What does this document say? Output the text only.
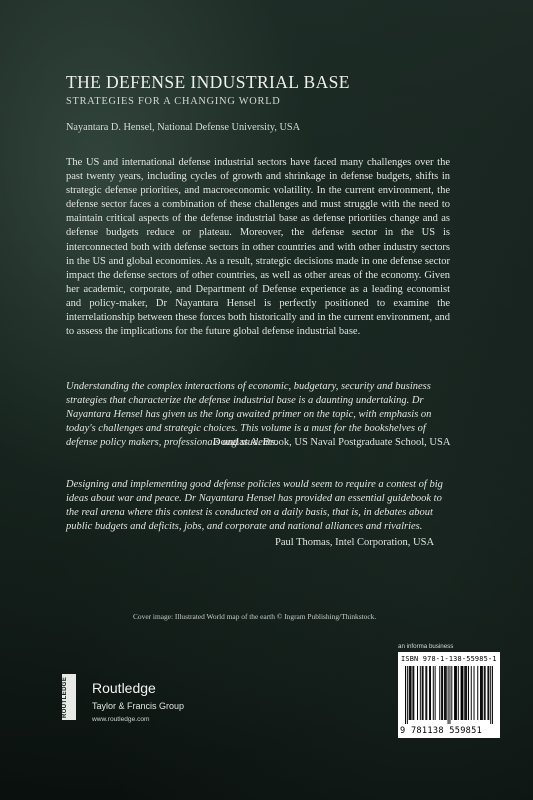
THE DEFENSE INDUSTRIAL BASE
STRATEGIES FOR A CHANGING WORLD
Nayantara D. Hensel, National Defense University, USA

The US and international defense industrial sectors have faced many challenges over the past twenty years, including cycles of growth and shrinkage in defense budgets, shifts in strategic defense priorities, and macroeconomic volatility. In the current environment, the defense sector faces a combination of these challenges and must struggle with the need to maintain critical aspects of the defense industrial base as defense priorities change and as defense budgets reduce or plateau. Moreover, the defense sector in the US is interconnected both with defense sectors in other countries and with other industry sectors in the US and global economies. As a result, strategic decisions made in one defense sector impact the defense sectors of other countries, as well as other areas of the economy. Given her academic, corporate, and Department of Defense experience as a leading economist and policy-maker, Dr Nayantara Hensel is perfectly positioned to examine the interrelationship between these forces both historically and in the current environment, and to assess the implications for the future global defense industrial base.

Understanding the complex interactions of economic, budgetary, security and business strategies that characterize the defense industrial base is a daunting undertaking. Dr Nayantara Hensel has given us the long awaited primer on the topic, with emphasis on today's challenges and strategic choices. This volume is a must for the bookshelves of defense policy makers, professionals and students.

Douglas A. Brook, US Naval Postgraduate School, USA

Designing and implementing good defense policies would seem to require a contest of big ideas about war and peace. Dr Nayantara Hensel has provided an essential guidebook to the real arena where this contest is conducted on a daily basis, that is, in debates about public budgets and deficits, jobs, and corporate and national alliances and rivalries.

Paul Thomas, Intel Corporation, USA
Cover image: Illustrated World map of the earth © Ingram Publishing/Thinkstock.
ROUTLEDGE	Routledge
Taylor & Francis Group
www.routledge.com
an informa business
ISBN 978-1-138-55985-1
9 781138 559851
